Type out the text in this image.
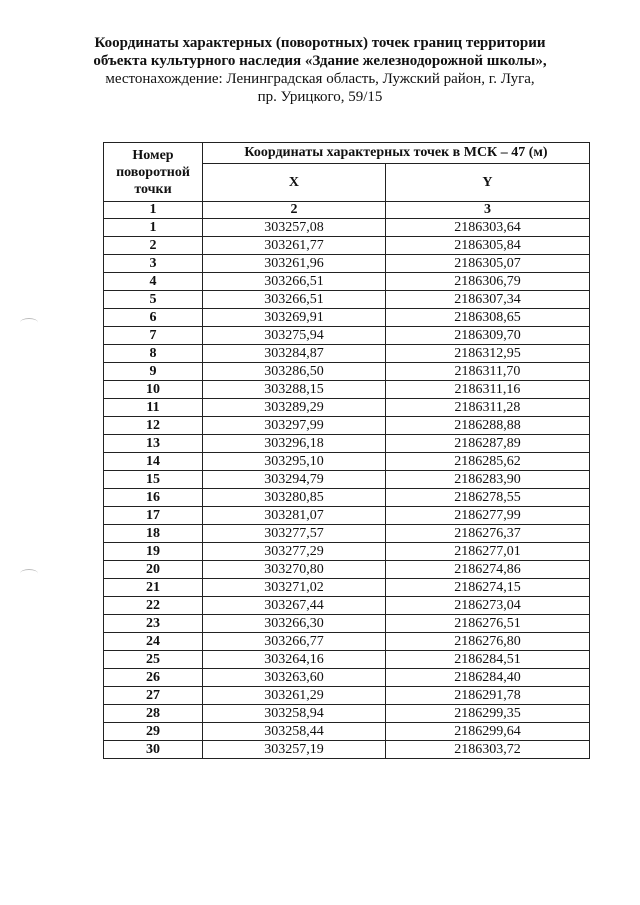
Координаты характерных (поворотных) точек границ территории
объекта культурного наследия «Здание железнодорожной школы»,
местонахождение: Ленинградская область, Лужский район, г. Луга,
пр. Урицкого, 59/15
Номер поворотной точки	Координаты характерных точек в МСК – 47 (м)	
	X	Y
1	2	3
1	303257,08	2186303,64
2	303261,77	2186305,84
3	303261,96	2186305,07
4	303266,51	2186306,79
5	303266,51	2186307,34
6	303269,91	2186308,65
7	303275,94	2186309,70
8	303284,87	2186312,95
9	303286,50	2186311,70
10	303288,15	2186311,16
11	303289,29	2186311,28
12	303297,99	2186288,88
13	303296,18	2186287,89
14	303295,10	2186285,62
15	303294,79	2186283,90
16	303280,85	2186278,55
17	303281,07	2186277,99
18	303277,57	2186276,37
19	303277,29	2186277,01
20	303270,80	2186274,86
21	303271,02	2186274,15
22	303267,44	2186273,04
23	303266,30	2186276,51
24	303266,77	2186276,80
25	303264,16	2186284,51
26	303263,60	2186284,40
27	303261,29	2186291,78
28	303258,94	2186299,35
29	303258,44	2186299,64
30	303257,19	2186303,72
